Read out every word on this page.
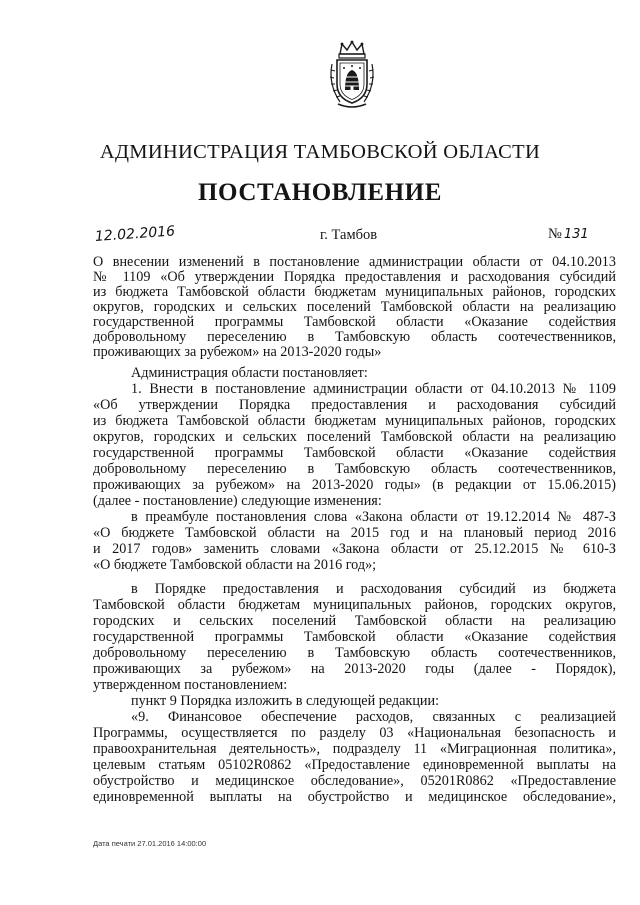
АДМИНИСТРАЦИЯ ТАМБОВСКОЙ ОБЛАСТИ
ПОСТАНОВЛЕНИЕ
12.02.2016	г. Тамбов	№ 131
О внесении изменений в постановление администрации области от 04.10.2013
№ 1109 «Об утверждении Порядка предоставления и расходования субсидий
из бюджета Тамбовской области бюджетам муниципальных районов, городских
округов, городских и сельских поселений Тамбовской области на реализацию
государственной программы Тамбовской области «Оказание содействия
добровольному переселению в Тамбовскую область соотечественников,
проживающих за рубежом» на 2013-2020 годы»
Администрация области постановляет:
1. Внести в постановление администрации области от 04.10.2013 № 1109
«Об утверждении Порядка предоставления и расходования субсидий
из бюджета Тамбовской области бюджетам муниципальных районов, городских
округов, городских и сельских поселений Тамбовской области на реализацию
государственной программы Тамбовской области «Оказание содействия
добровольному переселению в Тамбовскую область соотечественников,
проживающих за рубежом» на 2013-2020 годы» (в редакции от 15.06.2015)
(далее - постановление) следующие изменения:
в преамбуле постановления слова «Закона области от 19.12.2014 № 487-З
«О бюджете Тамбовской области на 2015 год и на плановый период 2016
и 2017 годов» заменить словами «Закона области от 25.12.2015 № 610-З
«О бюджете Тамбовской области на 2016 год»;
в Порядке предоставления и расходования субсидий из бюджета
Тамбовской области бюджетам муниципальных районов, городских округов,
городских и сельских поселений Тамбовской области на реализацию
государственной программы Тамбовской области «Оказание содействия
добровольному переселению в Тамбовскую область соотечественников,
проживающих за рубежом» на 2013-2020 годы (далее - Порядок),
утвержденном постановлением:
пункт 9 Порядка изложить в следующей редакции:
«9. Финансовое обеспечение расходов, связанных с реализацией
Программы, осуществляется по разделу 03 «Национальная безопасность и
правоохранительная деятельность», подразделу 11 «Миграционная политика»,
целевым статьям 05102R0862 «Предоставление единовременной выплаты на
обустройство и медицинское обследование», 05201R0862 «Предоставление
единовременной выплаты на обустройство и медицинское обследование»,
Дата печати 27.01.2016 14:00:00
